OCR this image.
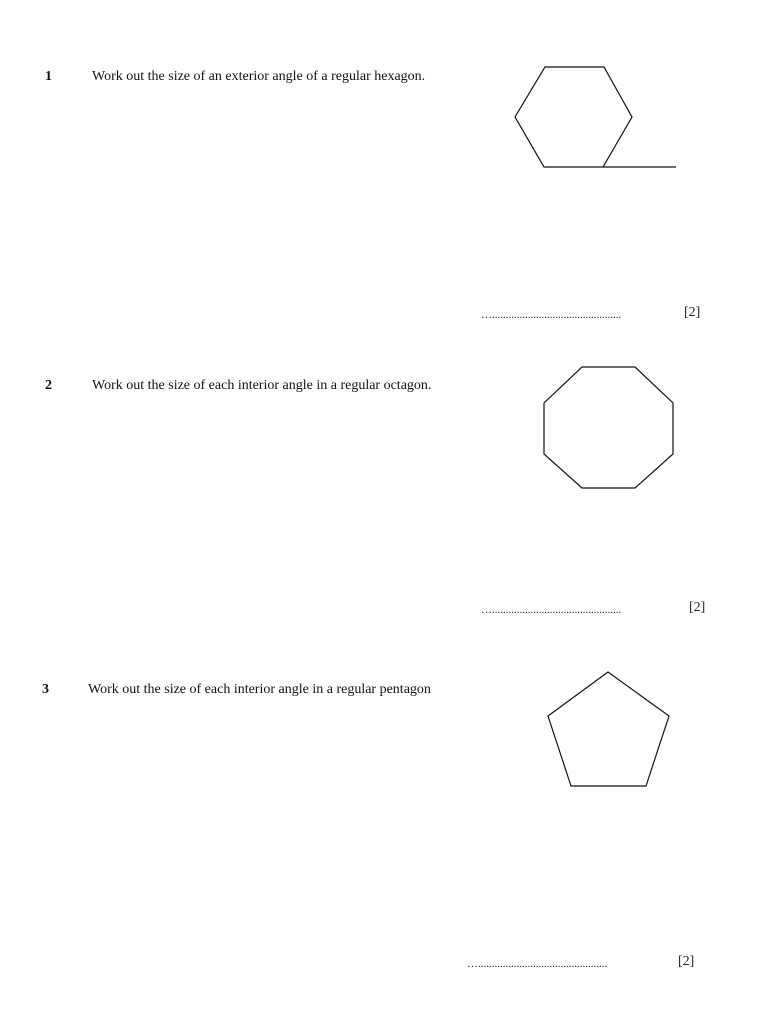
1	Work out the size of an exterior angle of a regular hexagon.
…...............................................	[2]
2	Work out the size of each interior angle in a regular octagon.
…...............................................	[2]
3	Work out the size of each interior angle in a regular pentagon
…...............................................	[2]
